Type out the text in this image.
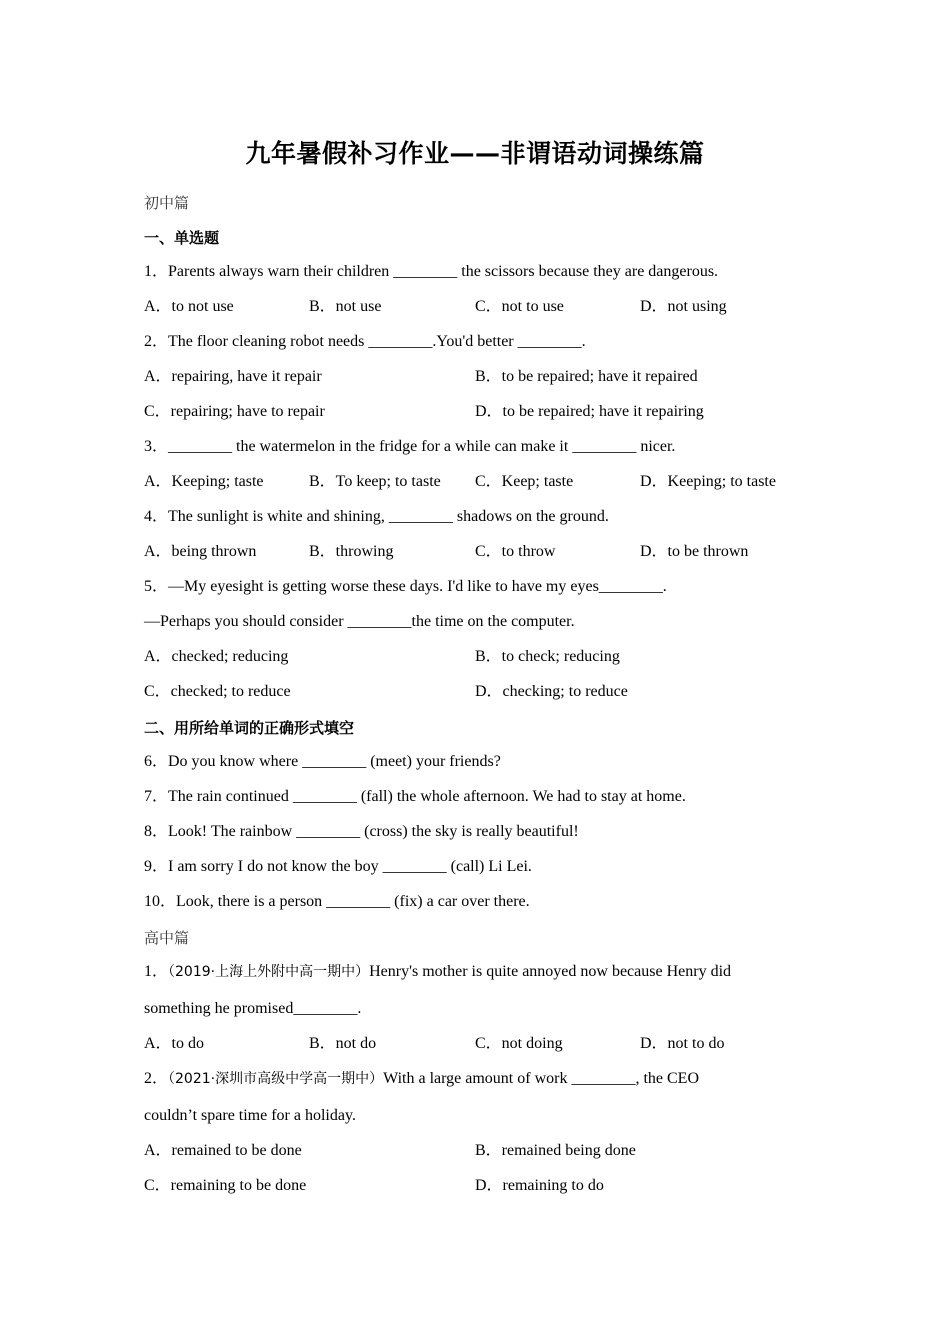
九年暑假补习作业——非谓语动词操练篇
初中篇
一、单选题
1．Parents always warn their children ________ the scissors because they are dangerous.
A．to not use	B．not use	C．not to use	D．not using
2．The floor cleaning robot needs ________.You'd better ________.
A．repairing, have it repair	B．to be repaired; have it repaired
C．repairing; have to repair	D．to be repaired; have it repairing
3．________ the watermelon in the fridge for a while can make it ________ nicer.
A．Keeping; taste	B．To keep; to taste C．Keep; taste	D．Keeping; to taste
4．The sunlight is white and shining, ________ shadows on the ground.
A．being thrown	B．throwing	C．to throw	D．to be thrown
5．—My eyesight is getting worse these days. I'd like to have my eyes________.
—Perhaps you should consider ________the time on the computer.
A．checked; reducing	B．to check; reducing
C．checked; to reduce	D．checking; to reduce
二、用所给单词的正确形式填空
6．Do you know where ________ (meet) your friends?
7．The rain continued ________ (fall) the whole afternoon. We had to stay at home.
8．Look! The rainbow ________ (cross) the sky is really beautiful!
9．I am sorry I do not know the boy ________ (call) Li Lei.
10．Look, there is a person ________ (fix) a car over there.
高中篇
1．（2019·上海上外附中高一期中）Henry's mother is quite annoyed now because Henry did
something he promised________.
A．to do	B．not do	C．not doing	D．not to do
2．（2021·深圳市高级中学高一期中）With a large amount of work ________, the CEO
couldn’t spare time for a holiday.
A．remained to be done	B．remained being done
C．remaining to be done	D．remaining to do
